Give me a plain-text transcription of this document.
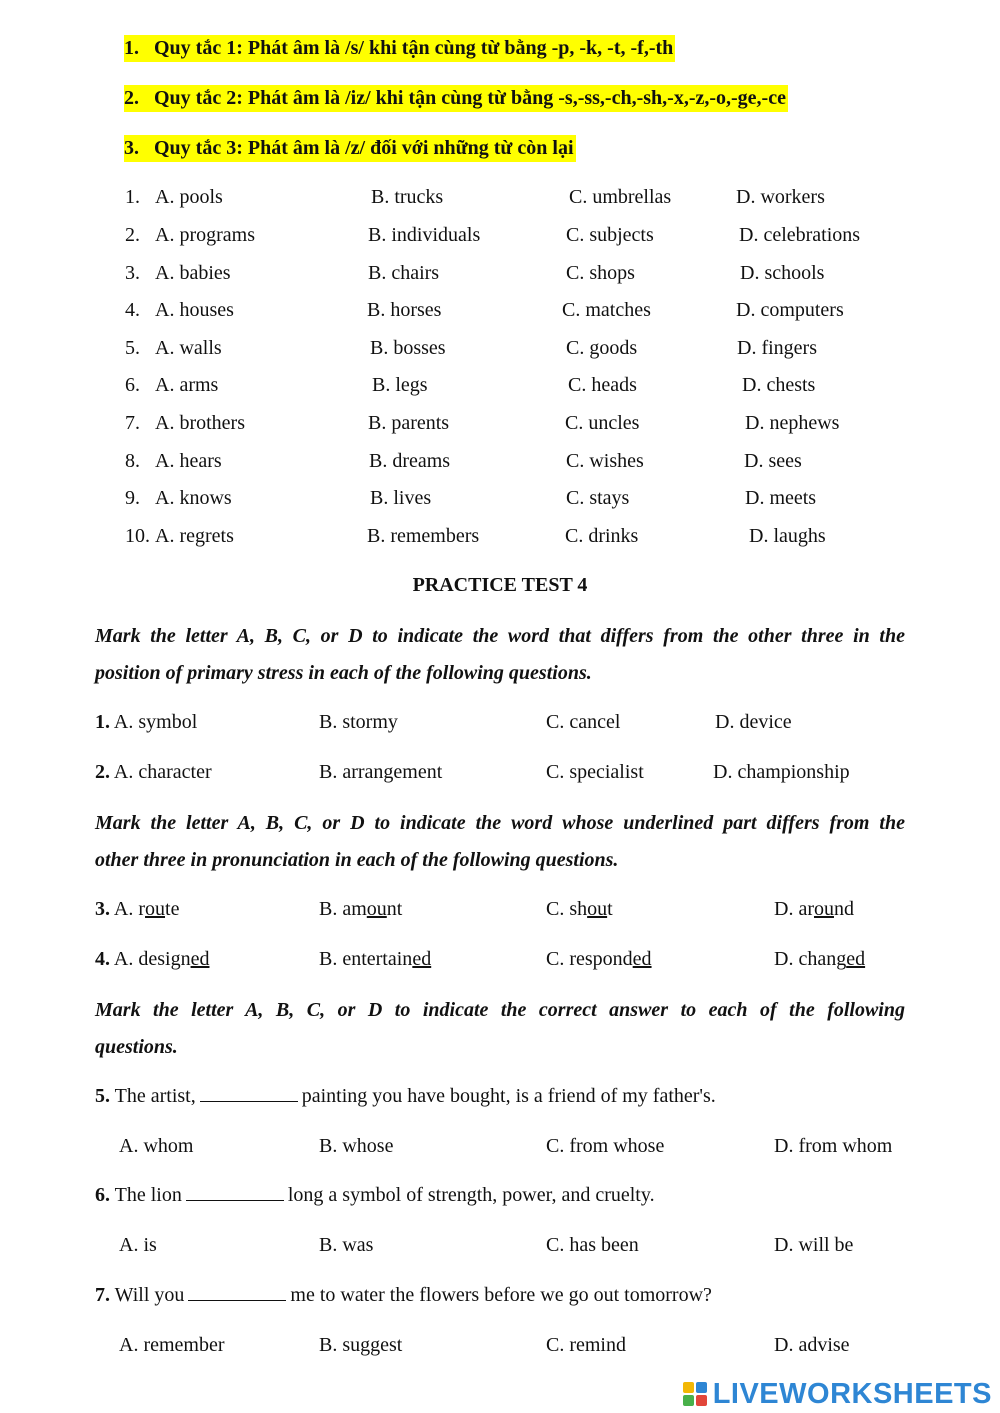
1. Quy tắc 1: Phát âm là /s/ khi tận cùng từ bằng -p, -k, -t, -f,-th
2. Quy tắc 2: Phát âm là /iz/ khi tận cùng từ bằng -s,-ss,-ch,-sh,-x,-z,-o,-ge,-ce
3. Quy tắc 3: Phát âm là /z/ đối với những từ còn lại
1. A. pools	B. trucks	C. umbrellas	D. workers
2. A. programs	B. individuals	C. subjects	D. celebrations
3. A. babies	B. chairs	C. shops	D. schools
4. A. houses	B. horses	C. matches	D. computers
5. A. walls	B. bosses	C. goods	D. fingers
6. A. arms	B. legs	C. heads	D. chests
7. A. brothers	B. parents	C. uncles	D. nephews
8. A. hears	B. dreams	C. wishes	D. sees
9. A. knows	B. lives	C. stays	D. meets
10. A. regrets	B. remembers	C. drinks	D. laughs
PRACTICE TEST 4
Mark the letter A, B, C, or D to indicate the word that differs from the other three in the
position of primary stress in each of the following questions.
1. A. symbol	B. stormy	C. cancel	D. device
2. A. character	B. arrangement	C. specialist	D. championship
Mark the letter A, B, C, or D to indicate the word whose underlined part differs from the
other three in pronunciation in each of the following questions.
3. A. route	B. amount	C. shout	D. around
4. A. designed	B. entertained	C. responded	D. changed
Mark the letter A, B, C, or D to indicate the correct answer to each of the following
questions.
5. The artist,	painting you have bought, is a friend of my father's.
A. whom	B. whose	C. from whose	D. from whom
6. The lion	long a symbol of strength, power, and cruelty.
A. is	B. was	C. has been	D. will be
7. Will you	me to water the flowers before we go out tomorrow?
A. remember	B. suggest	C. remind	D. advise
LIVEWORKSHEETS
